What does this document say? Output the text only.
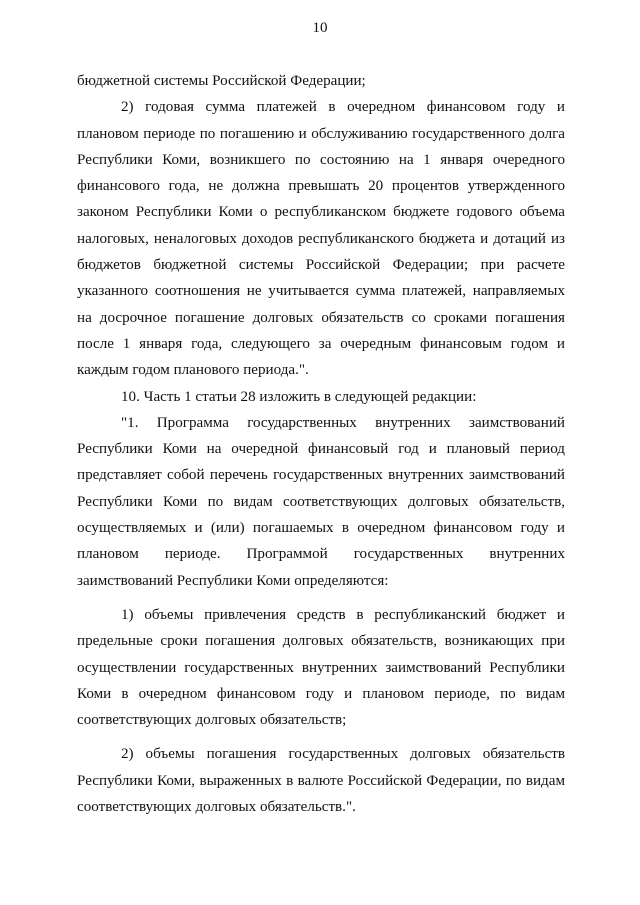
10

бюджетной системы Российской Федерации;

2) годовая сумма платежей в очередном финансовом году и плановом периоде по погашению и обслуживанию государственного долга Республики Коми, возникшего по состоянию на 1 января очередного финансового года, не должна превышать 20 процентов утвержденного законом Республики Коми о республиканском бюджете годового объема налоговых, неналоговых доходов республиканского бюджета и дотаций из бюджетов бюджетной системы Российской Федерации; при расчете указанного соотношения не учитывается сумма платежей, направляемых на досрочное погашение долговых обязательств со сроками погашения после 1 января года, следующего за очередным финансовым годом и каждым годом планового периода.".

10. Часть 1 статьи 28 изложить в следующей редакции:

"1. Программа государственных внутренних заимствований Республики Коми на очередной финансовый год и плановый период представляет собой перечень государственных внутренних заимствований Республики Коми по видам соответствующих долговых обязательств, осуществляемых и (или) погашаемых в очередном финансовом году и плановом периоде. Программой государственных внутренних заимствований Республики Коми определяются:

1) объемы привлечения средств в республиканский бюджет и предельные сроки погашения долговых обязательств, возникающих при осуществлении государственных внутренних заимствований Республики Коми в очередном финансовом году и плановом периоде, по видам соответствующих долговых обязательств;

2) объемы погашения государственных долговых обязательств Республики Коми, выраженных в валюте Российской Федерации, по видам соответствующих долговых обязательств.".
